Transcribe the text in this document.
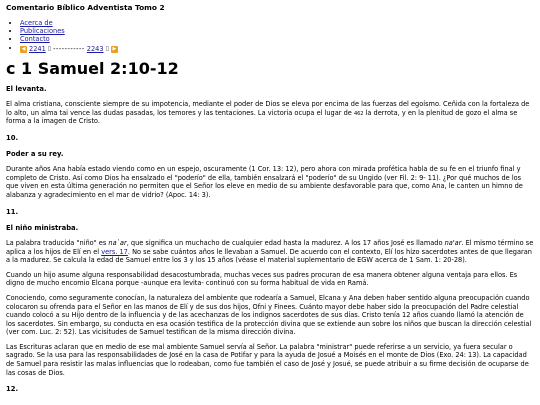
Comentario Bíblico Adventista Tomo 2
• Acerca de
• Publicaciones
• Contacto
• ◀ 2241 ▯ ----------- 2243 ▯ ▶
c 1 Samuel 2:10-12
El levanta.

El alma cristiana, consciente siempre de su impotencia, mediante el poder de Dios se eleva por encima de las fuerzas del egoísmo. Ceñida con la fortaleza de lo alto, un alma tai vence las dudas pasadas, los temores y las tentaciones. La victoria ocupa el lugar de 462 la derrota, y en la plenitud de gozo el alma se forma a la imagen de Cristo.

10.
Poder a su rey.

Durante años Ana había estado viendo como en un espejo, oscuramente (1 Cor. 13: 12), pero ahora con mirada profética habla de su fe en el triunfo final y completo de Cristo. Así como Dios ha ensalzado el "poderío" de ella, también ensalzará el "poderío" de su Ungido (ver Fil. 2: 9- 11). ¿Por qué muchos de los que viven en esta última generación no permiten que el Señor los eleve en medio de su ambiente desfavorable para que, como Ana, le canten un himno de alabanza y agradecimiento en el mar de vidrio? (Apoc. 14: 3).

11.
El niño ministraba.

La palabra traducida "niño" es na`ar, que significa un muchacho de cualquier edad hasta la madurez. A los 17 años José es llamado na'ar. El mismo término se aplica a los hijos de Elí en el vers. 17. No se sabe cuántos años le llevaban a Samuel. De acuerdo con el contexto, Elí los hizo sacerdotes antes de que llegaran a la madurez. Se calcula la edad de Samuel entre los 3 y los 15 años (véase el material suplementario de EGW acerca de 1 Sam. 1: 20-28).

Cuando un hijo asume alguna responsabilidad desacostumbrada, muchas veces sus padres procuran de esa manera obtener alguna ventaja para ellos. Es digno de mucho encomio Elcana porque -aunque era levita- continuó con su forma habitual de vida en Ramá.

Conociendo, como seguramente conocían, la naturaleza del ambiente que rodearía a Samuel, Elcana y Ana deben haber sentido alguna preocupación cuando colocaron su ofrenda para el Señor en las manos de Elí y de sus dos hijos, Ofni y Finees. Cuánto mayor debe haber sido la preocupación del Padre celestial cuando colocó a su Hijo dentro de la influencia y de las acechanzas de los indignos sacerdotes de sus días. Cristo tenía 12 años cuando llamó la atención de los sacerdotes. Sin embargo, su conducta en esa ocasión testifica de la protección divina que se extiende aun sobre los niños que buscan la dirección celestial (ver com. Luc. 2: 52). Las vicisitudes de Samuel testifican de la misma dirección divina.

Las Escrituras aclaran que en medio de ese mal ambiente Samuel servía al Señor. La palabra "ministrar" puede referirse a un servicio, ya fuera secular o sagrado. Se la usa para las responsabilidades de José en la casa de Potifar y para la ayuda de Josué a Moisés en el monte de Dios (Exo. 24: 13). La capacidad de Samuel para resistir las malas influencias que lo rodeaban, como fue también el caso de José y Josué, se puede atribuir a su firme decisión de ocuparse de las cosas de Dios.

12.
